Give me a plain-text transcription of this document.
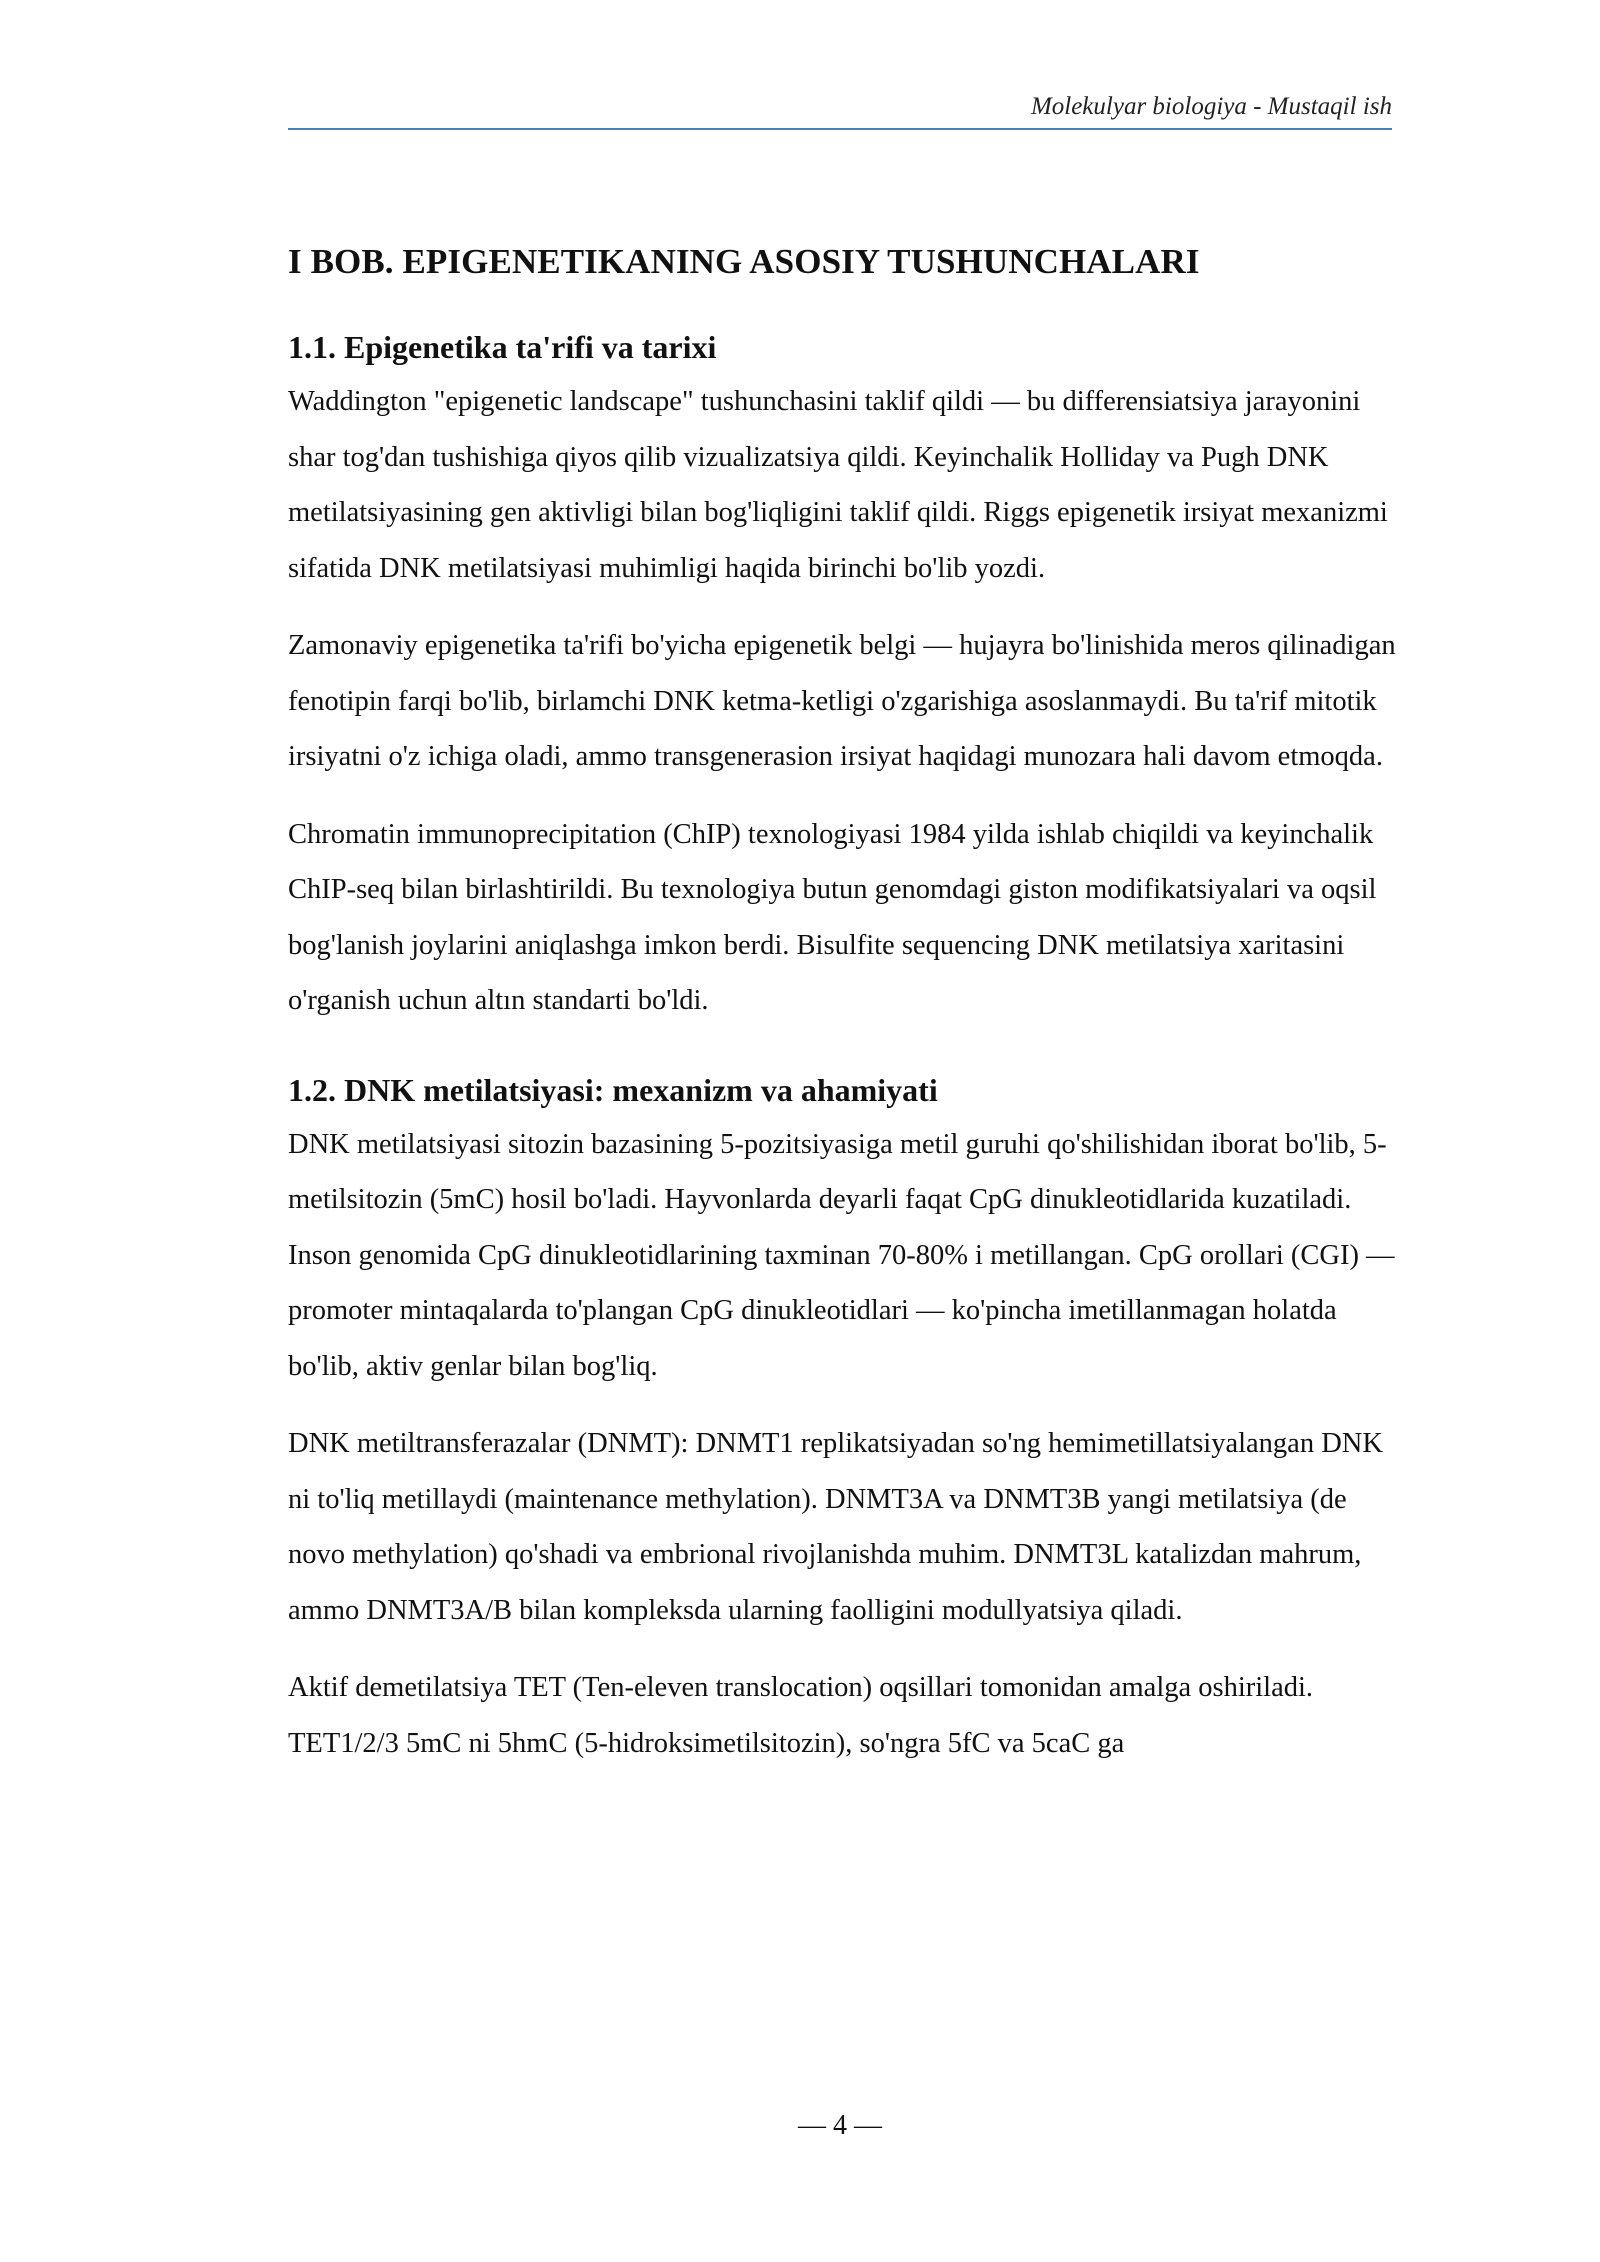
Molekulyar biologiya - Mustaqil ish
I BOB. EPIGENETIKANING ASOSIY TUSHUNCHALARI
1.1. Epigenetika ta'rifi va tarixi

Waddington "epigenetic landscape" tushunchasini taklif qildi — bu differensiatsiya jarayonini shar tog'dan tushishiga qiyos qilib vizualizatsiya qildi. Keyinchalik Holliday va Pugh DNK metilatsiyasining gen aktivligi bilan bog'liqligini taklif qildi. Riggs epigenetik irsiyat mexanizmi sifatida DNK metilatsiyasi muhimligi haqida birinchi bo'lib yozdi.

Zamonaviy epigenetika ta'rifi bo'yicha epigenetik belgi — hujayra bo'linishida meros qilinadigan fenotipin farqi bo'lib, birlamchi DNK ketma-ketligi o'zgarishiga asoslanmaydi. Bu ta'rif mitotik irsiyatni o'z ichiga oladi, ammo transgenerasion irsiyat haqidagi munozara hali davom etmoqda.

Chromatin immunoprecipitation (ChIP) texnologiyasi 1984 yilda ishlab chiqildi va keyinchalik ChIP-seq bilan birlashtirildi. Bu texnologiya butun genomdagi giston modifikatsiyalari va oqsil bog'lanish joylarini aniqlashga imkon berdi. Bisulfite sequencing DNK metilatsiya xaritasini o'rganish uchun altın standarti bo'ldi.

1.2. DNK metilatsiyasi: mexanizm va ahamiyati

DNK metilatsiyasi sitozin bazasining 5-pozitsiyasiga metil guruhi qo'shilishidan iborat bo'lib, 5-metilsitozin (5mC) hosil bo'ladi. Hayvonlarda deyarli faqat CpG dinukleotidlarida kuzatiladi. Inson genomida CpG dinukleotidlarining taxminan 70-80% i metillangan. CpG orollari (CGI) — promoter mintaqalarda to'plangan CpG dinukleotidlari — ko'pincha imetillanmagan holatda bo'lib, aktiv genlar bilan bog'liq.

DNK metiltransferazalar (DNMT): DNMT1 replikatsiyadan so'ng hemimetillatsiyalangan DNK ni to'liq metillaydi (maintenance methylation). DNMT3A va DNMT3B yangi metilatsiya (de novo methylation) qo'shadi va embrional rivojlanishda muhim. DNMT3L katalizdan mahrum, ammo DNMT3A/B bilan kompleksda ularning faolligini modullyatsiya qiladi.

Aktif demetilatsiya TET (Ten-eleven translocation) oqsillari tomonidan amalga oshiriladi. TET1/2/3 5mC ni 5hmC (5-hidroksimetilsitozin), so'ngra 5fC va 5caC ga

— 4 —
